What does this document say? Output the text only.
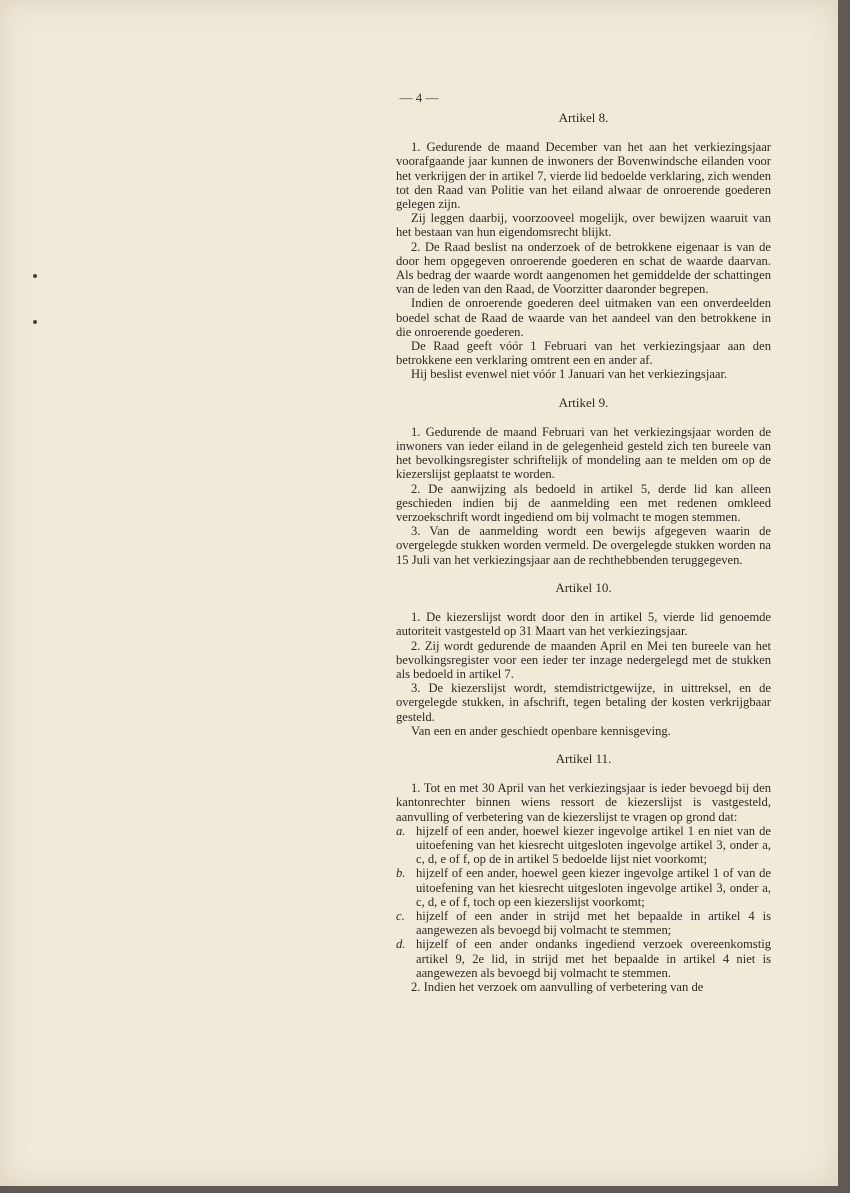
— 4 —
Artikel 8.

1. Gedurende de maand December van het aan het verkiezingsjaar voorafgaande jaar kunnen de inwoners der Bovenwindsche eilanden voor het verkrijgen der in artikel 7, vierde lid bedoelde verklaring, zich wenden tot den Raad van Politie van het eiland alwaar de onroerende goederen gelegen zijn.

Zij leggen daarbij, voorzooveel mogelijk, over bewijzen waaruit van het bestaan van hun eigendomsrecht blijkt.

2. De Raad beslist na onderzoek of de betrokkene eigenaar is van de door hem opgegeven onroerende goederen en schat de waarde daarvan. Als bedrag der waarde wordt aangenomen het gemiddelde der schattingen van de leden van den Raad, de Voorzitter daaronder begrepen.

Indien de onroerende goederen deel uitmaken van een onverdeelden boedel schat de Raad de waarde van het aandeel van den betrokkene in die onroerende goederen.

De Raad geeft vóór 1 Februari van het verkiezingsjaar aan den betrokkene een verklaring omtrent een en ander af.

Hij beslist evenwel niet vóór 1 Januari van het verkiezingsjaar.

Artikel 9.

1. Gedurende de maand Februari van het verkiezingsjaar worden de inwoners van ieder eiland in de gelegenheid gesteld zich ten bureele van het bevolkingsregister schriftelijk of mondeling aan te melden om op de kiezerslijst geplaatst te worden.

2. De aanwijzing als bedoeld in artikel 5, derde lid kan alleen geschieden indien bij de aanmelding een met redenen omkleed verzoekschrift wordt ingediend om bij volmacht te mogen stemmen.

3. Van de aanmelding wordt een bewijs afgegeven waarin de overgelegde stukken worden vermeld. De overgelegde stukken worden na 15 Juli van het verkiezingsjaar aan de rechthebbenden teruggegeven.

Artikel 10.

1. De kiezerslijst wordt door den in artikel 5, vierde lid genoemde autoriteit vastgesteld op 31 Maart van het verkiezingsjaar.

2. Zij wordt gedurende de maanden April en Mei ten bureele van het bevolkingsregister voor een ieder ter inzage nedergelegd met de stukken als bedoeld in artikel 7.

3. De kiezerslijst wordt, stemdistrictgewijze, in uittreksel, en de overgelegde stukken, in afschrift, tegen betaling der kosten verkrijgbaar gesteld.

Van een en ander geschiedt openbare kennisgeving.

Artikel 11.

1. Tot en met 30 April van het verkiezingsjaar is ieder bevoegd bij den kantonrechter binnen wiens ressort de kiezerslijst is vastgesteld, aanvulling of verbetering van de kiezerslijst te vragen op grond dat:

a. hijzelf of een ander, hoewel kiezer ingevolge artikel 1 en niet van de uitoefening van het kiesrecht uitgesloten ingevolge artikel 3, onder a, c, d, e of f, op de in artikel 5 bedoelde lijst niet voorkomt;
b. hijzelf of een ander, hoewel geen kiezer ingevolge artikel 1 of van de uitoefening van het kiesrecht uitgesloten ingevolge artikel 3, onder a, c, d, e of f, toch op een kiezerslijst voorkomt;
c. hijzelf of een ander in strijd met het bepaalde in artikel 4 is aangewezen als bevoegd bij volmacht te stemmen;
d. hijzelf of een ander ondanks ingediend verzoek overeenkomstig artikel 9, 2e lid, in strijd met het bepaalde in artikel 4 niet is aangewezen als bevoegd bij volmacht te stemmen.

2. Indien het verzoek om aanvulling of verbetering van de
